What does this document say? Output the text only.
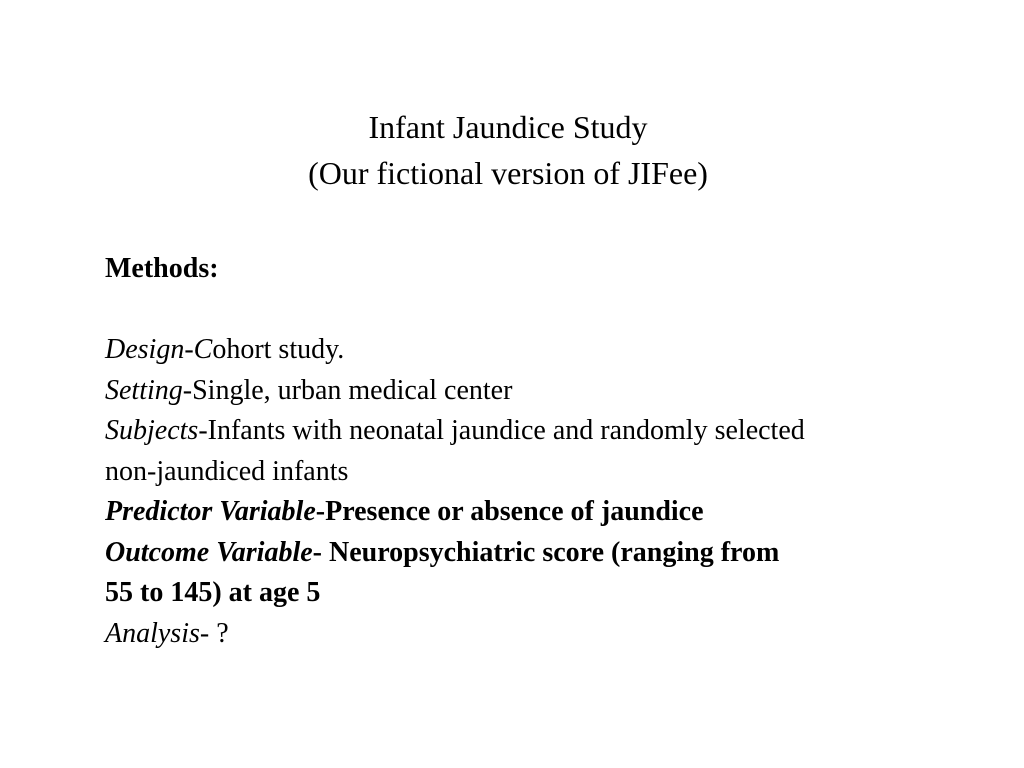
Infant Jaundice Study
(Our fictional version of JIFee)
Methods:
Design-Cohort study.
Setting-Single, urban medical center
Subjects-Infants with neonatal jaundice and randomly selected
non-jaundiced infants
Predictor Variable-Presence or absence of jaundice
Outcome Variable- Neuropsychiatric score (ranging from
55 to 145) at age 5
Analysis- ?
